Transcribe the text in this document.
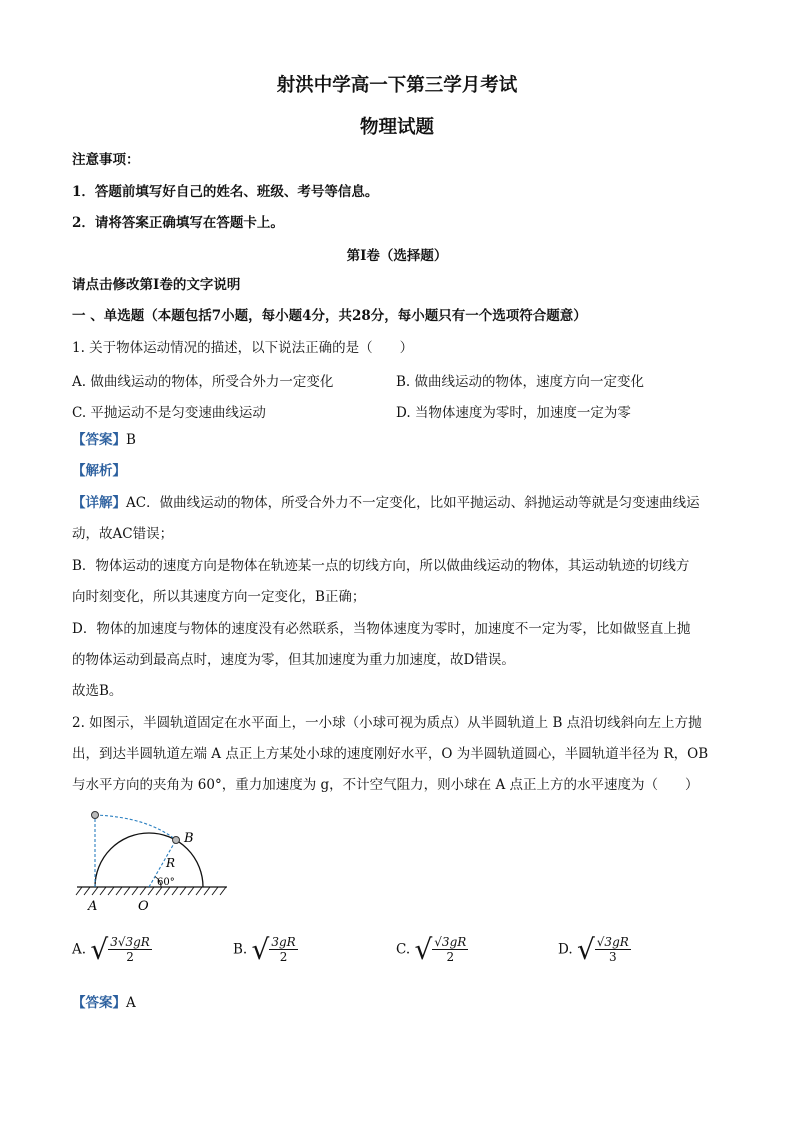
射洪中学高一下第三学月考试
物理试题
注意事项：
1．答题前填写好自己的姓名、班级、考号等信息。
2．请将答案正确填写在答题卡上。
第I卷（选择题）
请点击修改第I卷的文字说明
一 、单选题（本题包括7小题，每小题4分，共28分，每小题只有一个选项符合题意）
1. 关于物体运动情况的描述，以下说法正确的是（　　）
A. 做曲线运动的物体，所受合外力一定变化	B. 做曲线运动的物体，速度方向一定变化
C. 平抛运动不是匀变速曲线运动	D. 当物体速度为零时，加速度一定为零
【答案】B
【解析】
【详解】AC．做曲线运动的物体，所受合外力不一定变化，比如平抛运动、斜抛运动等就是匀变速曲线运
动，故AC错误；
B．物体运动的速度方向是物体在轨迹某一点的切线方向，所以做曲线运动的物体，其运动轨迹的切线方
向时刻变化，所以其速度方向一定变化，B正确；
D．物体的加速度与物体的速度没有必然联系，当物体速度为零时，加速度不一定为零，比如做竖直上抛
的物体运动到最高点时，速度为零，但其加速度为重力加速度，故D错误。
故选B。
2. 如图示，半圆轨道固定在水平面上，一小球（小球可视为质点）从半圆轨道上 B 点沿切线斜向左上方抛
出，到达半圆轨道左端 A 点正上方某处小球的速度刚好水平，O 为半圆轨道圆心，半圆轨道半径为 R，OB
与水平方向的夹角为 60°，重力加速度为 g，不计空气阻力，则小球在 A 点正上方的水平速度为（　　）
B
R
60°
A	O
A. √ $\frac{3√3gR}{2}$	B. √ $\frac{3gR}{2}$	C. √ $\frac{√3gR}{2}$	D. √ $\frac{√3gR}{3}$
【答案】A
